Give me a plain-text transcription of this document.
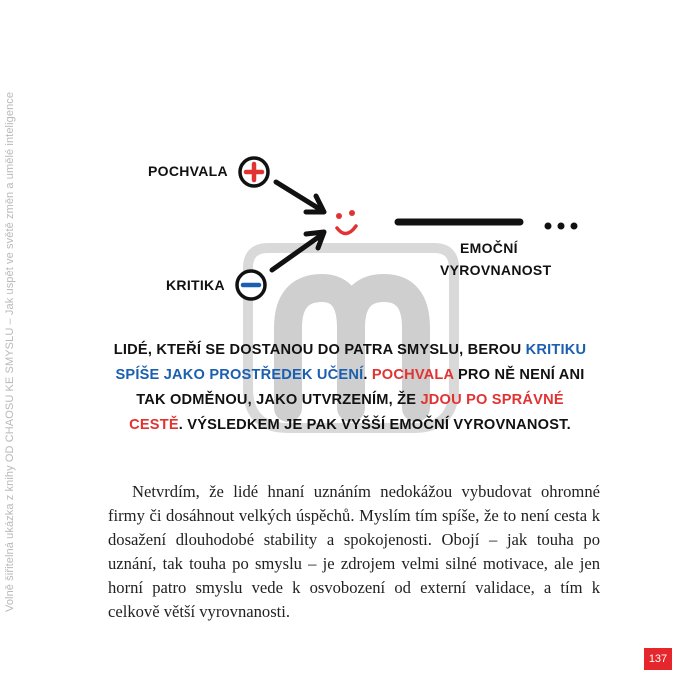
Volně šiřitelná ukázka z knihy OD CHAOSU KE SMYSLU – Jak uspět ve světě změn a umělé inteligence	POCHVALA
KRITIKA
EMOČNÍ
VYROVNANOST
LIDÉ, KTEŘÍ SE DOSTANOU DO PATRA SMYSLU, BEROU KRITIKU SPÍŠE JAKO PROSTŘEDEK UČENÍ. POCHVALA PRO NĚ NENÍ ANI TAK ODMĚNOU, JAKO UTVRZENÍM, ŽE JDOU PO SPRÁVNÉ CESTĚ. VÝSLEDKEM JE PAK VYŠŠÍ EMOČNÍ VYROVNANOST.

Netvrdím, že lidé hnaní uznáním nedokážou vybudovat ohromné firmy či dosáhnout velkých úspěchů. Myslím tím spíše, že to není cesta k dosažení dlouhodobé stability a spokojenosti. Obojí – jak touha po uznání, tak touha po smyslu – je zdrojem velmi silné motivace, ale jen horní patro smyslu vede k osvobození od externí validace, a tím k celkově větší vyrovnanosti.

137
